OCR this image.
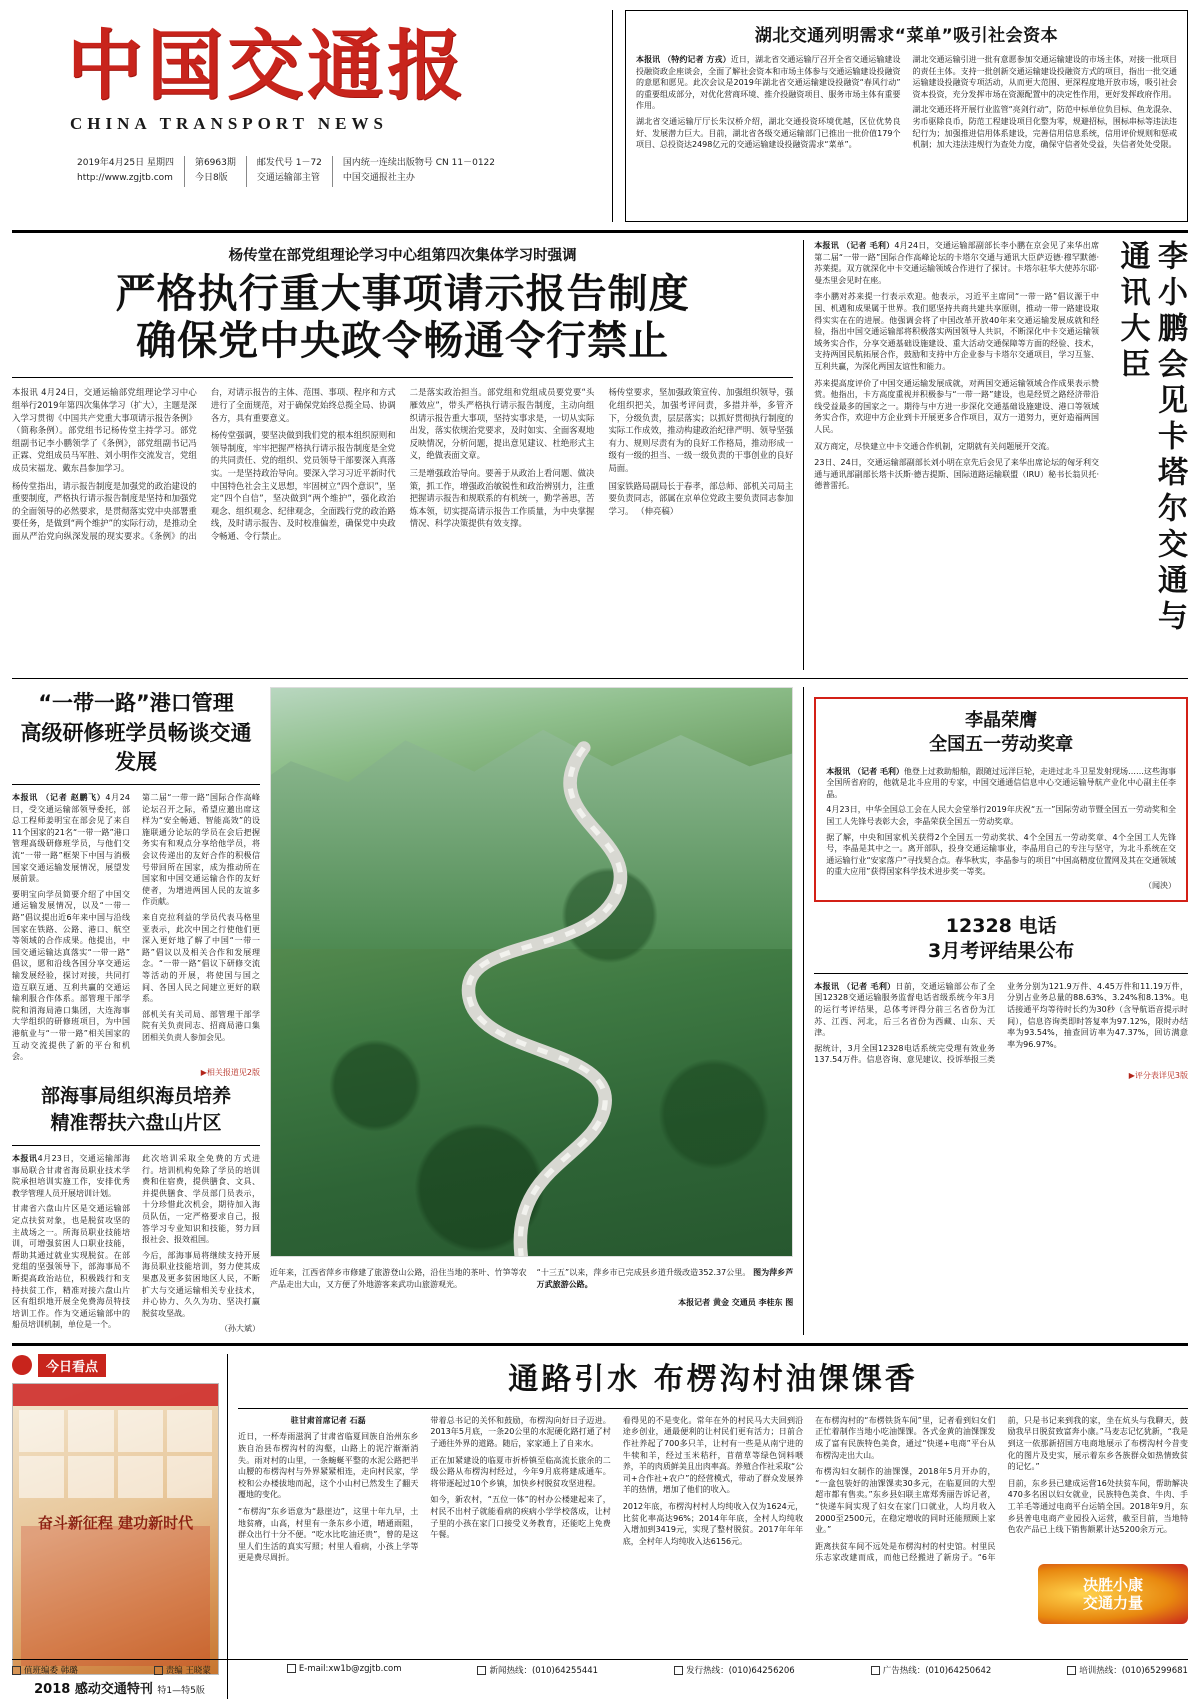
中国交通报
CHINA TRANSPORT NEWS
2019年4月25日 星期四
http://www.zgjtb.com
第6963期
今日8版
邮发代号 1－72
交通运输部主管
国内统一连续出版物号 CN 11－0122
中国交通报社主办
湖北交通列明需求“菜单”吸引社会资本

本报讯 （特约记者 方戎）近日，湖北省交通运输厅召开全省交通运输建设投融资政企座谈会，全面了解社会资本和市场主体参与交通运输建设投融资的意愿和愿见。此次会议是2019年湖北省交通运输建设投融资“春风行动”的重要组成部分，对优化营商环境、推介投融资项目、服务市场主体有重要作用。

湖北省交通运输厅厅长朱汉桥介绍，湖北交通投资环境优越，区位优势良好、发展潜力巨大。目前，湖北省各级交通运输部门已推出一批价值179个项目、总投资达2498亿元的交通运输建设投融资需求“菜单”。

湖北交通运输引进一批有意愿参加交通运输建设的市场主体，对接一批项目的责任主体。支持一批创新交通运输建设投融资方式的项目，指出一批交通运输建设投融资专项活动，从而更大范围、更深程度地开放市场，吸引社会资本投资，充分发挥市场在资源配置中的决定性作用，更好发挥政府作用。

湖北交通还将开展行业监管“亮剑行动”，防范中标单位负目标、鱼龙混杂、劣币驱除良币，防范工程建设项目化整为零，规避招标，围标串标等违法违纪行为；加强推进信用体系建设，完善信用信息系统，信用评价规则和惩戒机制；加大违法违规行为查处力度，确保守信者处受益，失信者处处受限。

杨传堂在部党组理论学习中心组第四次集体学习时强调
严格执行重大事项请示报告制度
确保党中央政令畅通令行禁止

本报讯 4月24日，交通运输部党组理论学习中心组举行2019年第四次集体学习（扩大），主题是深入学习贯彻《中国共产党重大事项请示报告条例》（简称条例）。部党组书记杨传堂主持学习。部党组副书记李小鹏领学了《条例》，部党组副书记冯正霖、党组成员马军胜、刘小明作交流发言，党组成员宋福龙、戴东昌参加学习。

杨传堂指出，请示报告制度是加强党的政治建设的重要制度，严格执行请示报告制度是坚持和加强党的全面领导的必然要求，是贯彻落实党中央部署重要任务，是做到“两个维护”的实际行动，是推动全面从严治党向纵深发展的现实要求。《条例》的出台，对请示报告的主体、范围、事项、程序和方式进行了全面规范，对于确保党始终总揽全局、协调各方，具有重要意义。

杨传堂强调，要坚决做到我们党的根本组织原则和领导制度，牢牢把握严格执行请示报告制度是全党的共同责任、党的组织、党员领导干部要深入真落实。一是坚持政治导向。要深入学习习近平新时代中国特色社会主义思想，牢固树立“四个意识”，坚定“四个自信”，坚决做到“两个维护”，强化政治观念、组织观念、纪律观念，全面践行党的政治路线，及时请示报告、及时校准偏差，确保党中央政令畅通、令行禁止。

二是落实政治担当。部党组和党组成员要党要“头雁效应”，带头严格执行请示报告制度，主动向组织请示报告重大事项，坚持实事求是，一切从实际出发，落实依规治党要求，及时如实、全面客观地反映情况，分析问题，提出意见建议、杜绝形式主义，绝做表面文章。

三是增强政治导向。要善于从政治上看问题、做决策，抓工作，增强政治敏锐性和政治辨别力，注重把握请示报告和规联系的有机统一，勤学善思，苦炼本领，切实提高请示报告工作质量，为中央掌握情况、科学决策提供有效支撑。

杨传堂要求，坚加强政策宣传、加强组织领导，强化组织把关，加强考评问责，多措并举，多管齐下，分级负责，层层落实；以抓好贯彻执行制度的实际工作成效，推动构建政治纪律严明、领导坚强有力、规则尽责有为的良好工作格局，推动形成一级有一级的担当、一级一级负责的干事创业的良好局面。

国家铁路局副局长于春孝，部总师、部机关司局主要负责同志，部属在京单位党政主要负责同志参加学习。 （伸亮稿）

本报讯 （记者 毛利）4月24日，交通运输部副部长李小鹏在京会见了来华出席第二届“一带一路”国际合作高峰论坛的卡塔尔交通与通讯大臣萨迈德·穆罕默德·苏莱提。双方就深化中卡交通运输领域合作进行了探讨。卡塔尔驻华大使苏尔耶·曼杰里会见时在座。

李小鹏对苏来提一行表示欢迎。他表示，习近平主席同“一带一路”倡议源于中国、机遇和成果属于世界。我们愿坚持共商共建共享原则，推动一带一路建设取得实实在在的进展。他强调会将了中国改革开放40年来交通运输发展成就和经验，指出中国交通运输部将积极落实两国领导人共识，不断深化中卡交通运输领域务实合作，分享交通基础设施建设、重大活动交通保障等方面的经验、技术，支持两国民航拓展合作，鼓励和支持中方企业参与卡塔尔交通项目，学习互鉴、互利共赢，为深化两国友谊性和能力。

苏来提高度评价了中国交通运输发展成就，对两国交通运输领域合作成果表示赞赏。他指出，卡方高度重视并积极参与“一带一路”建设，也是经贸之路经济带沿线受益最多的国家之一。期待与中方进一步深化交通基础设施建设、港口等领域务实合作，欢迎中方企业到卡开展更多合作项目，双方一道努力，更好造福两国人民。

双方商定，尽快建立中卡交通合作机制，定期就有关问题展开交流。

23日、24日，交通运输部副部长刘小明在京先后会见了来华出席论坛的匈牙利交通与通讯部副部长塔卡沃斯·德吉提斯、国际道路运输联盟（IRU）秘书长翁贝托·德普雷托。	李小鹏会见卡塔尔交通与通讯大臣
“一带一路”港口管理
高级研修班学员畅谈交通发展

本报讯 （记者 赵鹏飞）4月24日，受交通运输部领导委托，部总工程师姜明宝在部会见了来自11个国家的21名“一带一路”港口管理高级研修班学员，与他们交流“一带一路”框架下中国与消极国家交通运输发展情况，展望发展前景。

要明宝向学员简要介绍了中国交通运输发展情况，以及“一带一路”倡议提出近6年来中国与沿线国家在铁路、公路、港口、航空等领域的合作成果。他提出，中国交通运输达真落实“一带一路”倡议，愿和沿线各国分享交通运输发展经验，探讨对接，共同打造互联互通、互利共赢的交通运输利服合作体系。部管理干部学院和消海局港口集团，大连海事大学组织的研修班项目，为中国港航业与“一带一路”相关国家的互动交流提供了新的平台和机会。

第二届“一带一路”国际合作高峰论坛召开之际，希望应邀出席这样为“安全畅通、智能高效”的设施联通分论坛的学员在会后把握务实有和观点分享给他学员，将会议传递出的友好合作的积极信号带回所在国家，成为推动所在国家和中国交通运输合作的友好使者，为增进两国人民的友谊多作贡献。

来自克拉利益的学员代表马格里亚表示，此次中国之行使他们更深入更好地了解了中国“一带一路”倡议以及相关合作和发展理念。“一带一路”倡议下研修交流等活动的开展，将使国与国之间、各国人民之间建立更好的联系。

部机关有关司局、部管理干部学院有关负责同志、招商局港口集团相关负责人参加会见。

▶相关报道见2版
部海事局组织海员培养
精准帮扶六盘山片区

本报讯4月23日，交通运输部海事局联合甘肃省海员职业技术学院承担培训实施工作，安排优秀教学管理人员开展培训计划。

甘肃省六盘山片区是交通运输部定点扶贫对象，也是脱贫攻坚的主战场之一。所海员职业技能培训，可增强贫困人口职业技能，帮助其通过就业实现脱贫。在部党组的坚强领导下，部海事局不断提高政治站位，积极践行和支持扶贫工作，精准对接六盘山片区有组织地开展全免费海员特技培训工作。作为交通运输部中的船员培训机制，单位是一个。

此次培训采取全免费的方式进行。培训机构免除了学员的培训费和住宿费，提供膳食、文具、并提供膳食、学员部门员表示，十分珍惜此次机会，期待加入海员队伍，一定严格要求自己，报答学习专业知识和技能，努力回报社会、报效祖国。

今后，部海事局将继续支持开展海员职业技能培训，努力使其成果惠及更多贫困地区人民，不断扩大与交通运输相关专业技术，并心协力、久久为功、坚决打赢脱贫攻坚战。

（孙大斌）

近年来，江西省萍乡市修建了旅游登山公路，沿住当地的茶叶、竹笋等农产品走出大山，又方便了外地游客来武功山旅游观光。
“十三五”以来，萍乡市已完成县乡道升级改造352.37公里。 图为萍乡芦万武旅游公路。
本报记者 黄金 交通员 李桂东 图
李晶荣膺
全国五一劳动奖章

本报讯 （记者 毛利）他登上过救助船舶，跟随过远洋巨轮，走进过北斗卫星发射现场……这些海事全国所省府的，他就是北斗应用的专家，中国交通通信信息中心交通运输导航产业化中心副主任李晶。

4月23日，中华全国总工会在人民大会堂举行2019年庆祝“五一”国际劳动节暨全国五一劳动奖和全国工人先锋号表彰大会，李晶荣获全国五一劳动奖章。

据了解，中央和国家机关获得2个全国五一劳动奖状、4个全国五一劳动奖章、4个全国工人先锋号，李晶是其中之一。离开部队，投身交通运输事业，李晶用自己的专注与坚守，为北斗系统在交通运输行业“安家落户”寻找契合点。春华秋实，李晶参与的项目“中国高精度位置网及其在交通领域的重大应用”获得国家科学技术进步奖一等奖。

（闻泱）

12328 电话
3月考评结果公布

本报讯 （记者 毛利）日前，交通运输部公布了全国12328交通运输服务监督电话省级系统今年3月的运行考评结果，总体考评得分前三名省份为江苏、江西、河北，后三名省份为西藏、山东、天津。

据统计，3月全国12328电话系统完受理有效业务137.54万件。信息咨询、意见建议、投诉举报三类业务分别为121.9万件、4.45万件和11.19万件，分别占业务总量的88.63%、3.24%和8.13%。电话接通平均等待时长约为30秒（含导航语音提示时间），信息咨询类即时答复率为97.12%，限时办结率为93.54%，抽查回访率为47.37%，回访满意率为96.97%。

▶评分表详见3版
今日看点
奋斗新征程 建功新时代
2018 感动交通特刊 特1—特5版
通路引水 布楞沟村油馃馃香

驻甘肃首席记者 石磊

近日，一杯寿雨滋润了甘肃省临夏回族自治州东乡族自治县布楞沟村的沟壑，山路上的泥泞渐渐消失。雨对村的山里，一条蜿蜒平整的水泥公路把半山腰的布楞沟村与外界紧紧相连，走向村民家，学校和公办楼拔地而起，这个小山村已然发生了翻天覆地的变化。

“布楞沟”东乡语意为“悬崖边”，这里十年九早，土地贫瘠，山高，村里有一条东乡小道，晴通雨阻，群众出行十分不便。“吃水比吃油还贵”，曾的是这里人们生活的真实写照；村里人看病，小孩上学等更是费尽周折。

带着总书记的关怀和鼓励，布楞沟向好日子迈进。2013年5月底，一条20公里的水泥硬化路打通了村子通往外界的道路。随后，家家通上了自来水。

正在加紧建设的临夏市折桥镇至临高流长旅余的二级公路从布楞沟村经过，今年9月底将建成通车。将带逐起过10个乡镇，加快乡村脱贫攻坚进程。

如今，新农村，“五位一体”的村办公楼建起来了，村民不出村子就能看病的疾病小学学校落成，让村子里的小孩在家门口接受义务教育，还能吃上免费午餐。

看得见的不是变化。常年在外的村民马大夫回到沿途乡创业，通最便利的让村民们更有活力；日前合作社养起了700多只羊，让村有一些是从南宁进的牛犊和羊，经过玉米秸秆，苜蓿草等绿色饲料喂养，羊的肉质鲜美且出肉率高。养殖合作社采取“公司+合作社+农户”的经营模式，带动了群众发展养羊的热情，增加了他们的收入。

2012年底，布楞沟村村人均纯收入仅为1624元，比贫化率高达96%；2014年年底，全村人均纯收入增加到3419元，实现了整村脱贫。2017年年年底，全村年人均纯收入达6156元。

在布楞沟村的“布楞铁货车间”里，记者看到妇女们正忙着制作当地小吃油馃馃。各式金黄的油馃馃发成了富有民族特色美食，通过“快递+电商”平台从布楞沟走出大山。

布楞沟妇女制作的油馃馃，2018年5月开办的，“一盒包装好的油馃馃卖30多元，在临夏回的大型超市都有售卖。”东乡县妇联主席郑秀丽告诉记者，“快递车间实现了妇女在家门口就业，人均月收入2000至2500元，在稳定增收的同时还能照顾上家业。”

距离扶贫车间不远处是布楞沟村的村史馆。村里民乐志家改建而成，而他已经搬进了新房子。“6年前，只是书记来到我的家，坐在炕头与我聊天，鼓励我早日脱贫致富奔小康。”马麦志记忆犹新，“我是到这一依那新招国方电商地展示了布楞沟村今昔变化的图片及史实，展示着东乡各族群众如热情致贫的记忆。”

目前，东乡县已建成运营16处扶贫车间，帮助解决470多名困以妇女就业，民族特色美食、牛肉、手工羊毛等通过电商平台运销全国。2018年9月，东乡县普电电商产业园投入运营，截至目前，当地特色农产品已上线下销售额累计达5200余万元。

决胜小康
交通力量
值班编委 韩璐	责编 王晓蒙	E-mail:xw1b@zgjtb.com	新闻热线：(010)64255441	发行热线：(010)64256206	广告热线：(010)64250642	培训热线：(010)65299681
